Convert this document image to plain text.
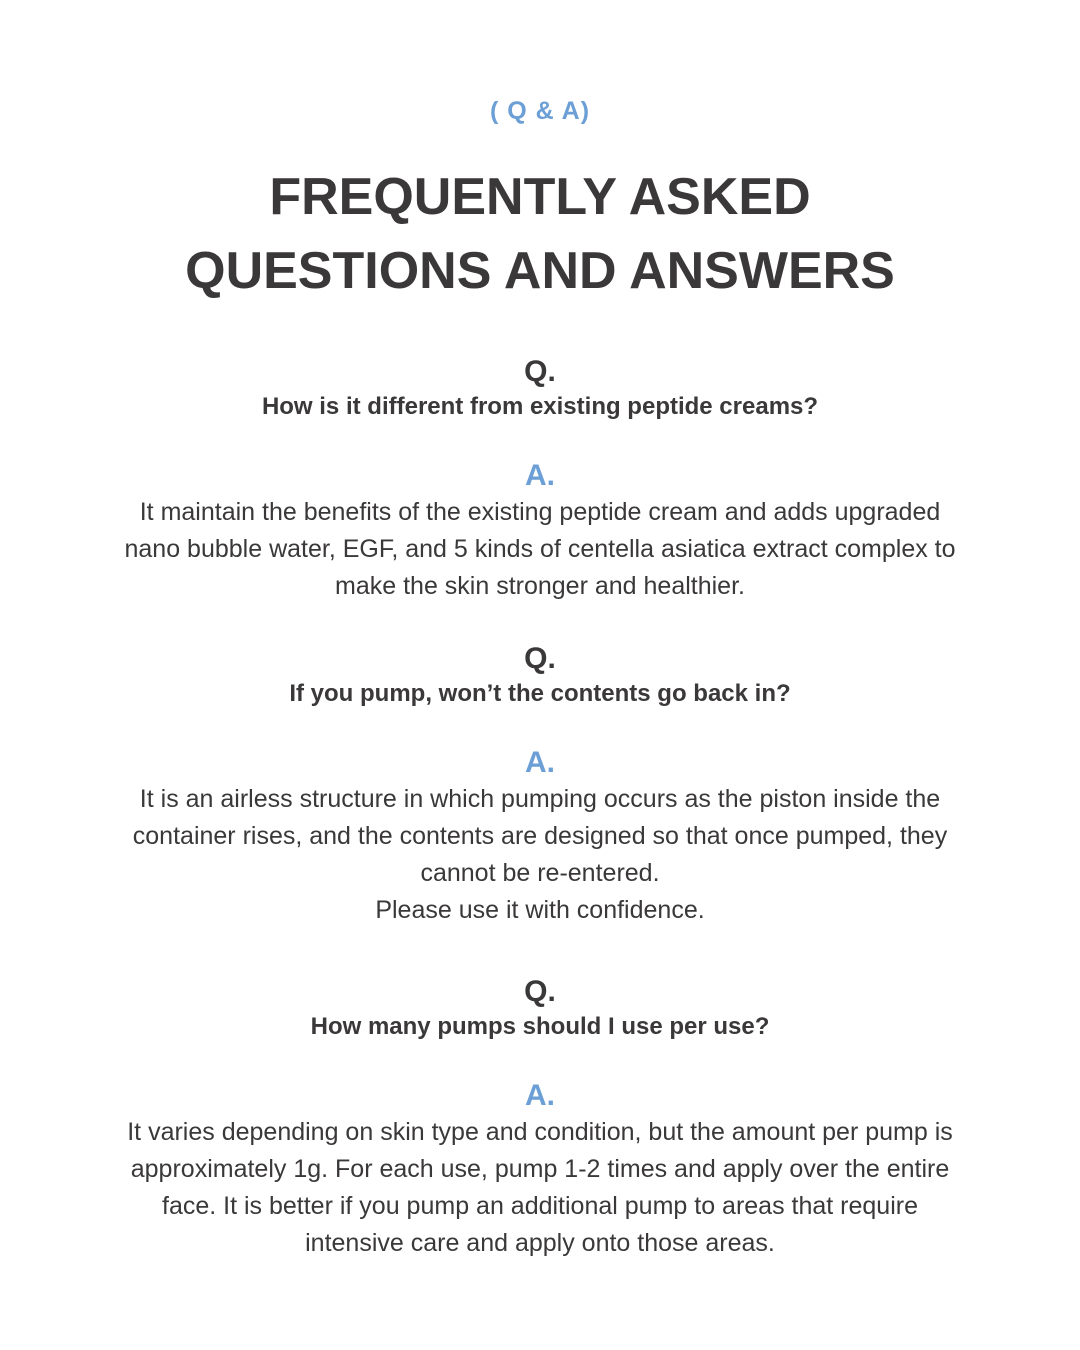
( Q & A)
FREQUENTLY ASKED
QUESTIONS AND ANSWERS
Q.
How is it different from existing peptide creams?
A.
It maintain the benefits of the existing peptide cream and adds upgraded
nano bubble water, EGF, and 5 kinds of centella asiatica extract complex to
make the skin stronger and healthier.
Q.
If you pump, won’t the contents go back in?
A.
It is an airless structure in which pumping occurs as the piston inside the
container rises, and the contents are designed so that once pumped, they
cannot be re-entered.
Please use it with confidence.
Q.
How many pumps should I use per use?
A.
It varies depending on skin type and condition, but the amount per pump is
approximately 1g. For each use, pump 1-2 times and apply over the entire
face. It is better if you pump an additional pump to areas that require
intensive care and apply onto those areas.
